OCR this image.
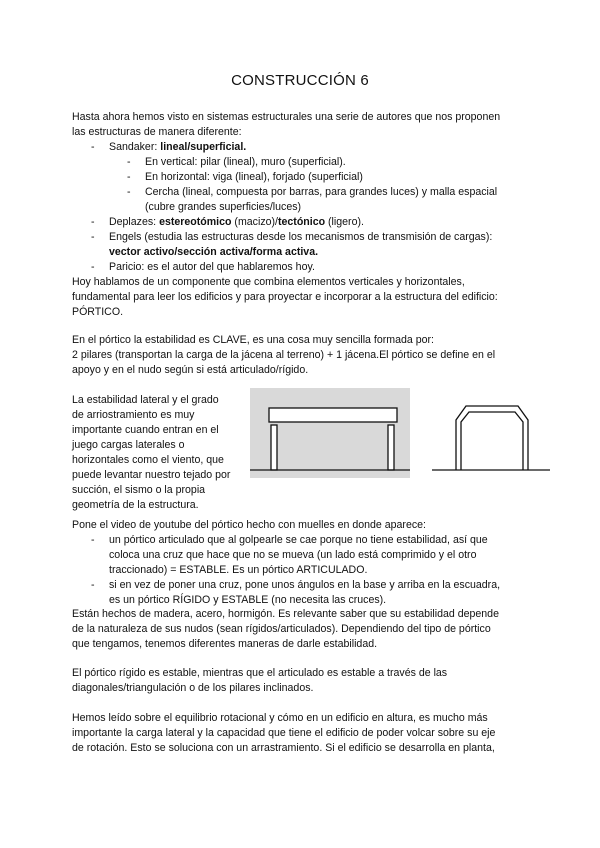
CONSTRUCCIÓN 6

Hasta ahora hemos visto en sistemas estructurales una serie de autores que nos proponen

las estructuras de manera diferente:

- Sandaker: lineal/superficial.
- En vertical: pilar (lineal), muro (superficial).
- En horizontal: viga (lineal), forjado (superficial)
- Cercha (lineal, compuesta por barras, para grandes luces) y malla espacial
(cubre grandes superficies/luces)
- Deplazes: estereotómico (macizo)/tectónico (ligero).
- Engels (estudia las estructuras desde los mecanismos de transmisión de cargas):
vector activo/sección activa/forma activa.
- Paricio: es el autor del que hablaremos hoy.

Hoy hablamos de un componente que combina elementos verticales y horizontales,

fundamental para leer los edificios y para proyectar e incorporar a la estructura del edificio:

PÓRTICO.

En el pórtico la estabilidad es CLAVE, es una cosa muy sencilla formada por:

2 pilares (transportan la carga de la jácena al terreno) + 1 jácena.El pórtico se define en el

apoyo y en el nudo según si está articulado/rígido.

La estabilidad lateral y el grado

de arriostramiento es muy

importante cuando entran en el

juego cargas laterales o

horizontales como el viento, que

puede levantar nuestro tejado por

succión, el sismo o la propia

geometría de la estructura.

Pone el video de youtube del pórtico hecho con muelles en donde aparece:

- un pórtico articulado que al golpearle se cae porque no tiene estabilidad, así que
coloca una cruz que hace que no se mueva (un lado está comprimido y el otro
traccionado) = ESTABLE. Es un pórtico ARTICULADO.
- si en vez de poner una cruz, pone unos ángulos en la base y arriba en la escuadra,
es un pórtico RÍGIDO y ESTABLE (no necesita las cruces).

Están hechos de madera, acero, hormigón. Es relevante saber que su estabilidad depende

de la naturaleza de sus nudos (sean rígidos/articulados). Dependiendo del tipo de pórtico

que tengamos, tenemos diferentes maneras de darle estabilidad.

El pórtico rígido es estable, mientras que el articulado es estable a través de las

diagonales/triangulación o de los pilares inclinados.

Hemos leído sobre el equilibrio rotacional y cómo en un edificio en altura, es mucho más

importante la carga lateral y la capacidad que tiene el edificio de poder volcar sobre su eje

de rotación. Esto se soluciona con un arrastramiento. Si el edificio se desarrolla en planta,
